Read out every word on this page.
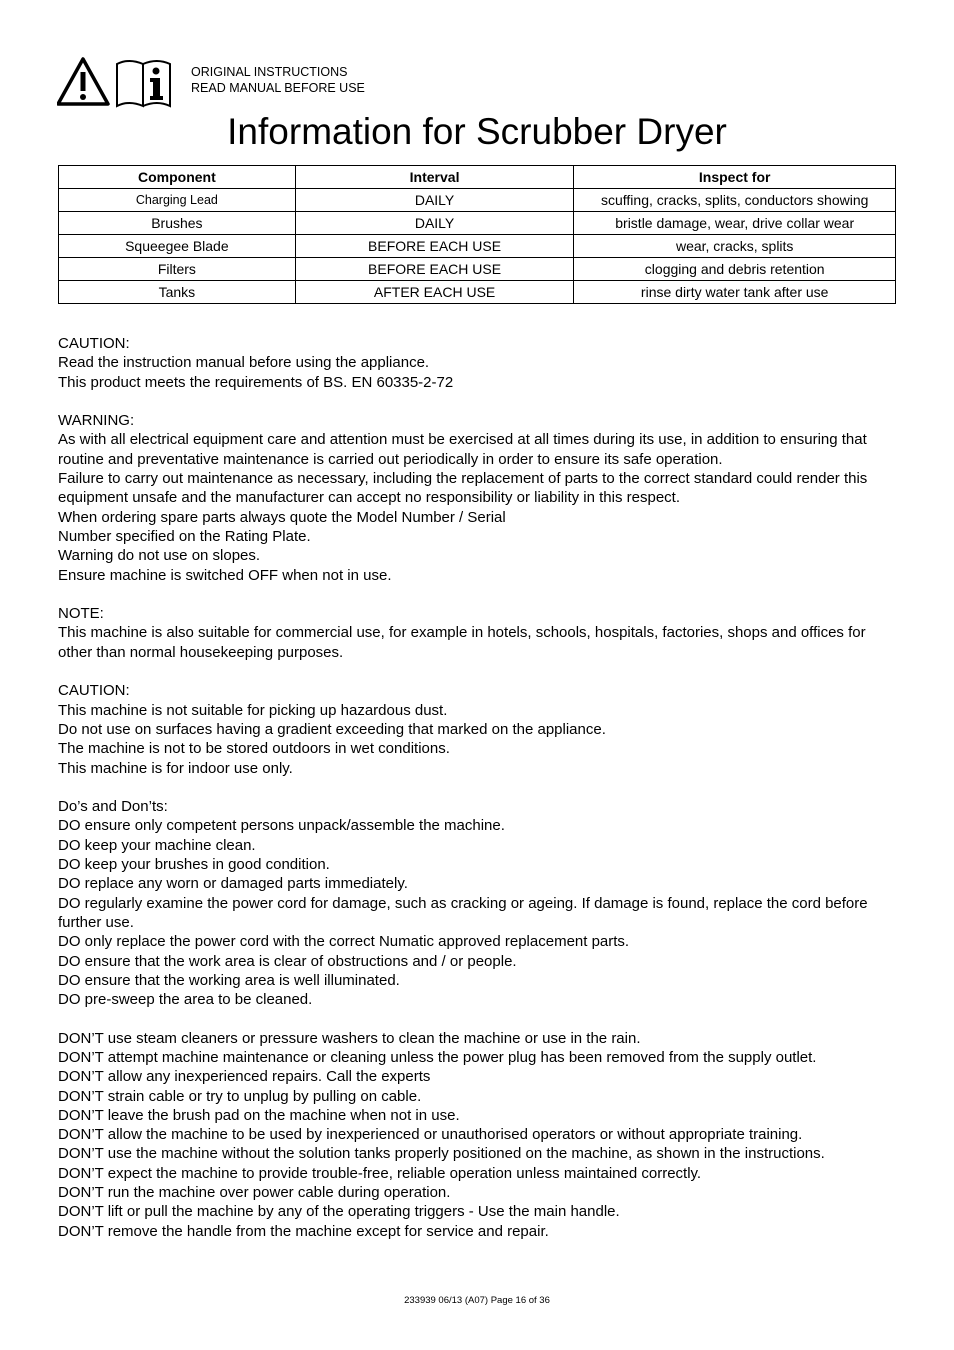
ORIGINAL INSTRUCTIONS
READ MANUAL BEFORE USE
Information for Scrubber Dryer
Component	Interval	Inspect for
Charging Lead	DAILY	scuffing, cracks, splits, conductors showing
Brushes	DAILY	bristle damage, wear, drive collar wear
Squeegee Blade	BEFORE EACH USE	wear, cracks, splits
Filters	BEFORE EACH USE	clogging and debris retention
Tanks	AFTER EACH USE	rinse dirty water tank after use

CAUTION:
Read the instruction manual before using the appliance.
This product meets the requirements of BS. EN 60335-2-72

WARNING:
As with all electrical equipment care and attention must be exercised at all times during its use, in addition to ensuring that routine and preventative maintenance is carried out periodically in order to ensure its safe operation.
Failure to carry out maintenance as necessary, including the replacement of parts to the correct standard could render this equipment unsafe and the manufacturer can accept no responsibility or liability in this respect.
When ordering spare parts always quote the Model Number / Serial
Number specified on the Rating Plate.
Warning do not use on slopes.
Ensure machine is switched OFF when not in use.

NOTE:
This machine is also suitable for commercial use, for example in hotels, schools, hospitals, factories, shops and offices for other than normal housekeeping purposes.

CAUTION:
This machine is not suitable for picking up hazardous dust.
Do not use on surfaces having a gradient exceeding that marked on the appliance.
The machine is not to be stored outdoors in wet conditions.
This machine is for indoor use only.

Do’s and Don’ts:
DO ensure only competent persons unpack/assemble the machine.
DO keep your machine clean.
DO keep your brushes in good condition.
DO replace any worn or damaged parts immediately.
DO regularly examine the power cord for damage, such as cracking or ageing. If damage is found, replace the cord before further use.
DO only replace the power cord with the correct Numatic approved replacement parts.
DO ensure that the work area is clear of obstructions and / or people.
DO ensure that the working area is well illuminated.
DO pre-sweep the area to be cleaned.

DON’T use steam cleaners or pressure washers to clean the machine or use in the rain.
DON’T attempt machine maintenance or cleaning unless the power plug has been removed from the supply outlet.
DON’T allow any inexperienced repairs. Call the experts
DON’T strain cable or try to unplug by pulling on cable.
DON’T leave the brush pad on the machine when not in use.
DON’T allow the machine to be used by inexperienced or unauthorised operators or without appropriate training.
DON’T use the machine without the solution tanks properly positioned on the machine, as shown in the instructions.
DON’T expect the machine to provide trouble-free, reliable operation unless maintained correctly.
DON’T run the machine over power cable during operation.
DON’T lift or pull the machine by any of the operating triggers - Use the main handle.
DON’T remove the handle from the machine except for service and repair.

233939 06/13 (A07) Page 16 of 36
